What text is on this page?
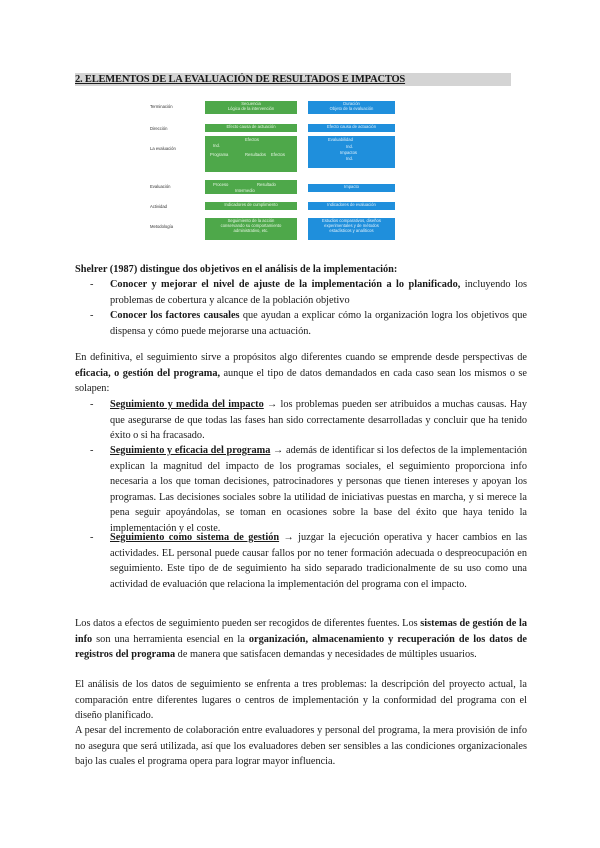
2. ELEMENTOS DE LA EVALUACIÓN DE RESULTADOS E IMPACTOS
Terminación
Dirección
La evaluación
Evaluación
Actividad
Metodología
Secuencia
Lógica de la intervención
Efecto causa de actuación
Efectos
Ind.
Programa	Resultados Efectos
Proceso	Resultado
Intermedio
Indicadores de cumplimiento
Seguimiento de la acción
conservando su comportamiento
administrativo, etc.
Duración
Objeto de la evaluación
Efecto causa de actuación
Evaluabilidad
Ind.
Impactos
Ind.
Impacto
Indicadores de evaluación
Estudios comparativos, diseños
experimentales y de métodos
estadísticos y analíticos
Shelrer (1987) distingue dos objetivos en el análisis de la implementación:
- Conocer y mejorar el nivel de ajuste de la implementación a lo planificado, incluyendo los problemas de cobertura y alcance de la población objetivo
- Conocer los factores causales que ayudan a explicar cómo la organización logra los objetivos que dispensa y cómo puede mejorarse una actuación.
En definitiva, el seguimiento sirve a propósitos algo diferentes cuando se emprende desde perspectivas de eficacia, o gestión del programa, aunque el tipo de datos demandados en cada caso sean los mismos o se solapen:
- Seguimiento y medida del impacto → los problemas pueden ser atribuidos a muchas causas. Hay que asegurarse de que todas las fases han sido correctamente desarrolladas y concluir que ha tenido éxito o si ha fracasado.
- Seguimiento y eficacia del programa → además de identificar si los defectos de la implementación explican la magnitud del impacto de los programas sociales, el seguimiento proporciona info necesaria a los que toman decisiones, patrocinadores y personas que tienen intereses y apoyan los programas. Las decisiones sociales sobre la utilidad de iniciativas puestas en marcha, y si merece la pena seguir apoyándolas, se toman en ocasiones sobre la base del éxito que haya tenido la implementación y el coste.
- Seguimiento como sistema de gestión → juzgar la ejecución operativa y hacer cambios en las actividades. EL personal puede causar fallos por no tener formación adecuada o despreocupación en seguimiento. Este tipo de de seguimiento ha sido separado tradicionalmente de su uso como una actividad de evaluación que relaciona la implementación del programa con el impacto.
Los datos a efectos de seguimiento pueden ser recogidos de diferentes fuentes. Los sistemas de gestión de la info son una herramienta esencial en la organización, almacenamiento y recuperación de los datos de registros del programa de manera que satisfacen demandas y necesidades de múltiples usuarios.
El análisis de los datos de seguimiento se enfrenta a tres problemas: la descripción del proyecto actual, la comparación entre diferentes lugares o centros de implementación y la conformidad del programa con el diseño planificado.
A pesar del incremento de colaboración entre evaluadores y personal del programa, la mera provisión de info no asegura que será utilizada, así que los evaluadores deben ser sensibles a las condiciones organizacionales bajo las cuales el programa opera para lograr mayor influencia.
